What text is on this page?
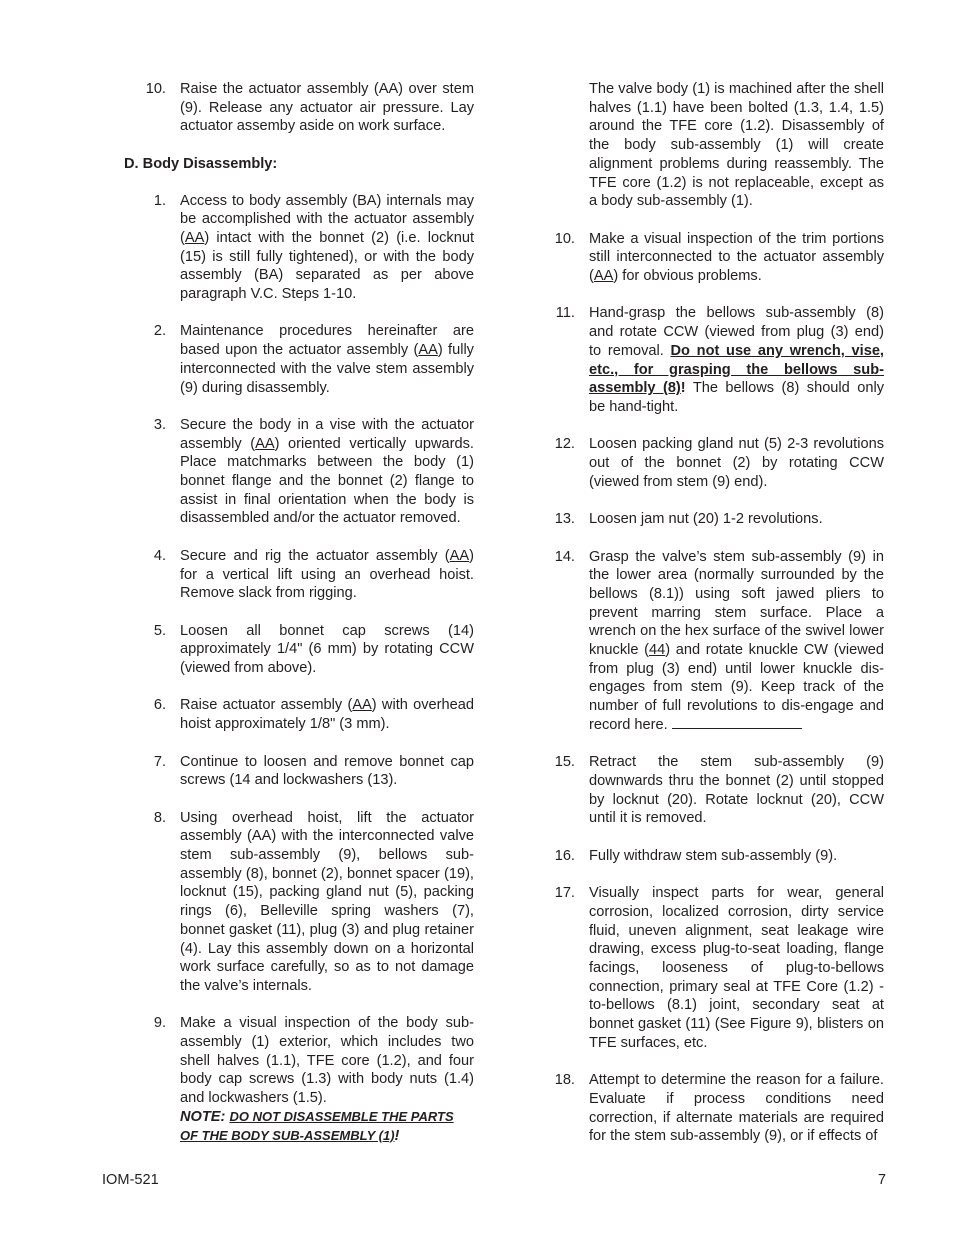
10. Raise the actuator assembly (AA) over stem (9). Release any actuator air pressure. Lay actuator assemby aside on work surface.
D. Body Disassembly:
1. Access to body assembly (BA) internals may be accomplished with the actuator assembly (AA) intact with the bonnet (2) (i.e. locknut (15) is still fully tightened), or with the body assembly (BA) separated as per above paragraph V.C. Steps 1-10.
2. Maintenance procedures hereinafter are based upon the actuator assembly (AA) fully interconnected with the valve stem assembly (9) during disassembly.
3. Secure the body in a vise with the actuator assembly (AA) oriented vertically upwards. Place matchmarks between the body (1) bonnet flange and the bonnet (2) flange to assist in final orientation when the body is disassembled and/or the actuator removed.
4. Secure and rig the actuator assembly (AA) for a vertical lift using an overhead hoist. Remove slack from rigging.
5. Loosen all bonnet cap screws (14) approximately 1/4" (6 mm) by rotating CCW (viewed from above).
6. Raise actuator assembly (AA) with overhead hoist approximately 1/8" (3 mm).
7. Continue to loosen and remove bonnet cap screws (14 and lockwashers (13).
8. Using overhead hoist, lift the actuator assembly (AA) with the interconnected valve stem sub-assembly (9), bellows sub-assembly (8), bonnet (2), bonnet spacer (19), locknut (15), packing gland nut (5), packing rings (6), Belleville spring washers (7), bonnet gasket (11), plug (3) and plug retainer (4). Lay this assembly down on a horizontal work surface carefully, so as to not damage the valve’s internals.
9. Make a visual inspection of the body sub-assembly (1) exterior, which includes two shell halves (1.1), TFE core (1.2), and four body cap screws (1.3) with body nuts (1.4) and lockwashers (1.5).
NOTE: DO NOT DISASSEMBLE THE PARTS OF THE BODY SUB-ASSEMBLY (1)!
The valve body (1) is machined after the shell halves (1.1) have been bolted (1.3, 1.4, 1.5) around the TFE core (1.2). Disassembly of the body sub-assembly (1) will create alignment problems during reassembly. The TFE core (1.2) is not replaceable, except as a body sub-assembly (1).
10. Make a visual inspection of the trim portions still interconnected to the actuator assembly (AA) for obvious problems.
11. Hand-grasp the bellows sub-assembly (8) and rotate CCW (viewed from plug (3) end) to removal. Do not use any wrench, vise, etc., for grasping the bellows sub-assembly (8)! The bellows (8) should only be hand-tight.
12. Loosen packing gland nut (5) 2-3 revolutions out of the bonnet (2) by rotating CCW (viewed from stem (9) end).
13. Loosen jam nut (20) 1-2 revolutions.
14. Grasp the valve’s stem sub-assembly (9) in the lower area (normally surrounded by the bellows (8.1)) using soft jawed pliers to prevent marring stem surface. Place a wrench on the hex surface of the swivel lower knuckle (44) and rotate knuckle CW (viewed from plug (3) end) until lower knuckle dis-engages from stem (9). Keep track of the number of full revolutions to dis-engage and record here.
15. Retract the stem sub-assembly (9) downwards thru the bonnet (2) until stopped by locknut (20). Rotate locknut (20), CCW until it is removed.
16. Fully withdraw stem sub-assembly (9).
17. Visually inspect parts for wear, general corrosion, localized corrosion, dirty service fluid, uneven alignment, seat leakage wire drawing, excess plug-to-seat loading, flange facings, looseness of plug-to-bellows connection, primary seal at TFE Core (1.2) -to-bellows (8.1) joint, secondary seat at bonnet gasket (11) (See Figure 9), blisters on TFE surfaces, etc.
18. Attempt to determine the reason for a failure. Evaluate if process conditions need correction, if alternate materials are required for the stem sub-assembly (9), or if effects of
IOM-521	7
